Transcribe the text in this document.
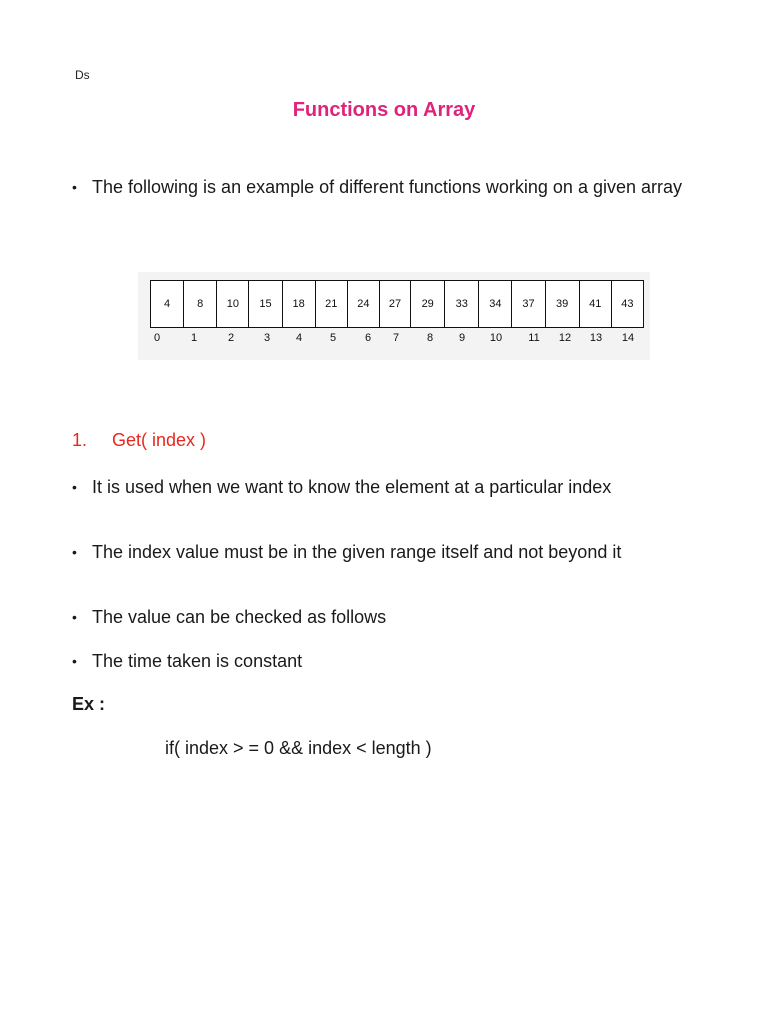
Ds
Functions on Array
• The following is an example of different functions working on a given array
4	8	10	15	18	21	24	27	29	33	34	37	39	41	43
0	1	2	3 4	5	6 7	8 9 10 11 12 13 14
1. Get( index )
• It is used when we want to know the element at a particular index
• The index value must be in the given range itself and not beyond it
• The value can be checked as follows
• The time taken is constant
Ex :
if( index > = 0 && index < length )
